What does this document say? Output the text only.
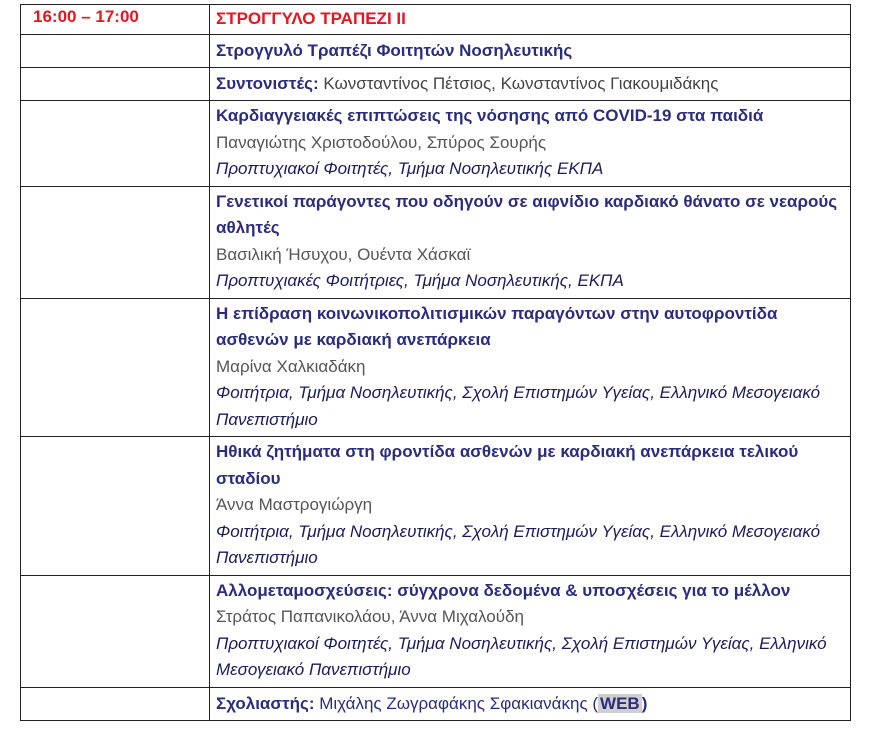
16:00 – 17:00	ΣΤΡΟΓΓΥΛΟ ΤΡΑΠΕΖΙ ΙΙ

	Στρογγυλό Τραπέζι Φοιτητών Νοσηλευτικής

	Συντονιστές: Κωνσταντίνος Πέτσιος, Κωνσταντίνος Γιακουμιδάκης

	Καρδιαγγειακές επιπτώσεις της νόσησης από COVID-19 στα παιδιά
Παναγιώτης Χριστοδούλου, Σπύρος Σουρής
Προπτυχιακοί Φοιτητές, Τμήμα Νοσηλευτικής ΕΚΠΑ

	Γενετικοί παράγοντες που οδηγούν σε αιφνίδιο καρδιακό θάνατο σε νεαρούς αθλητές
Βασιλική Ήσυχου, Ουέντα Χάσκαϊ
Προπτυχιακές Φοιτήτριες, Τμήμα Νοσηλευτικής, ΕΚΠΑ

	Η επίδραση κοινωνικοπολιτισμικών παραγόντων στην αυτοφροντίδα ασθενών με καρδιακή ανεπάρκεια
Μαρίνα Χαλκιαδάκη
Φοιτήτρια, Τμήμα Νοσηλευτικής, Σχολή Επιστημών Υγείας, Ελληνικό Μεσογειακό Πανεπιστήμιο

	Ηθικά ζητήματα στη φροντίδα ασθενών με καρδιακή ανεπάρκεια τελικού σταδίου
Άννα Μαστρογιώργη
Φοιτήτρια, Τμήμα Νοσηλευτικής, Σχολή Επιστημών Υγείας, Ελληνικό Μεσογειακό Πανεπιστήμιο

	Αλλομεταμοσχεύσεις: σύγχρονα δεδομένα & υποσχέσεις για το μέλλον
Στράτος Παπανικολάου, Άννα Μιχαλούδη
Προπτυχιακοί Φοιτητές, Τμήμα Νοσηλευτικής, Σχολή Επιστημών Υγείας, Ελληνικό Μεσογειακό Πανεπιστήμιο

	Σχολιαστής: Μιχάλης Ζωγραφάκης Σφακιανάκης ( WEB )
